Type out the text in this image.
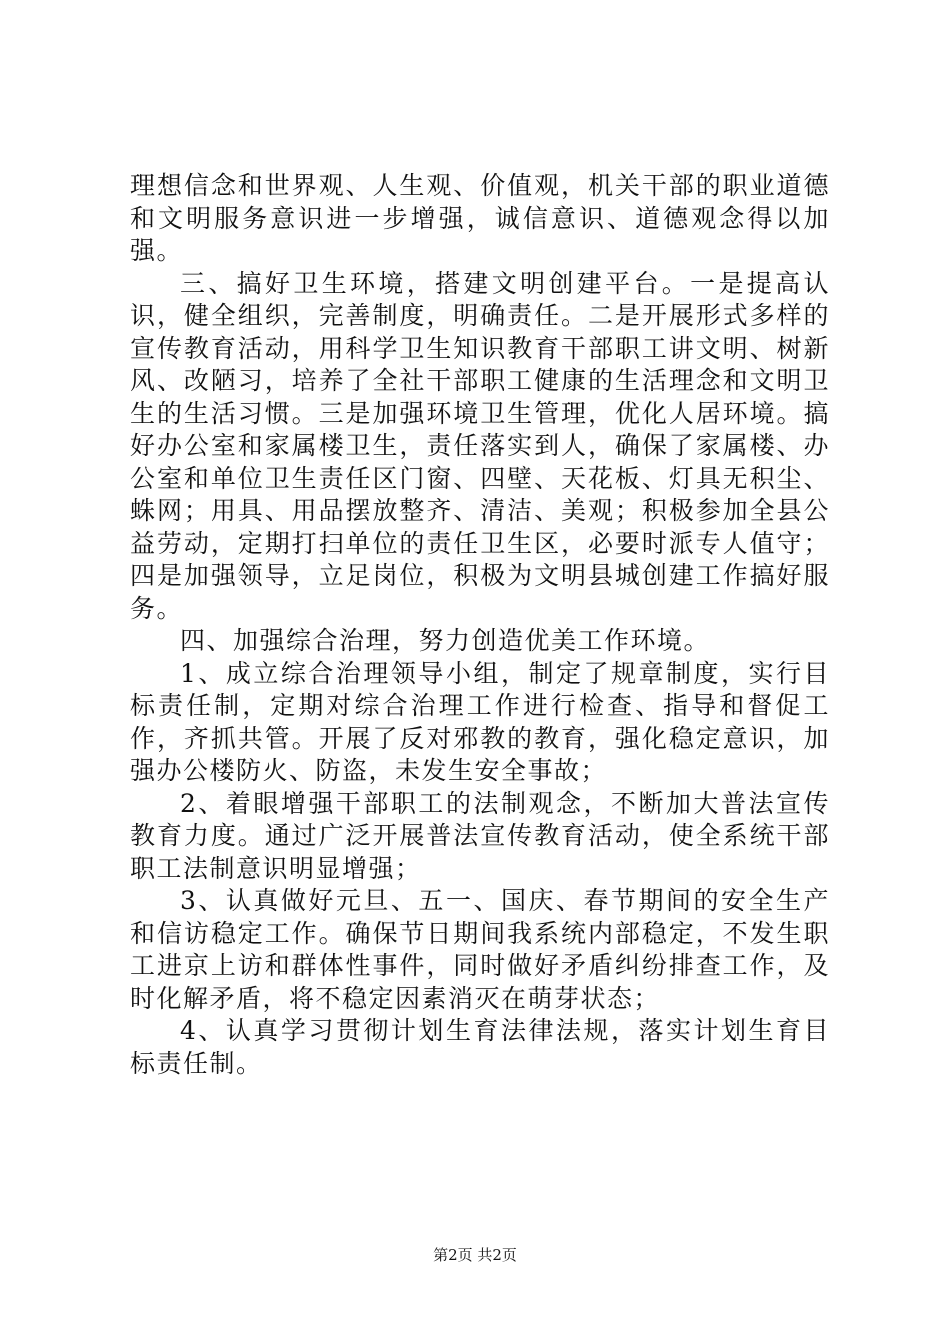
理想信念和世界观、人生观、价值观，机关干部的职业道德和文明服务意识进一步增强，诚信意识、道德观念得以加强。

三、搞好卫生环境，搭建文明创建平台。一是提高认识，健全组织，完善制度，明确责任。二是开展形式多样的宣传教育活动，用科学卫生知识教育干部职工讲文明、树新风、改陋习，培养了全社干部职工健康的生活理念和文明卫生的生活习惯。三是加强环境卫生管理，优化人居环境。搞好办公室和家属楼卫生，责任落实到人，确保了家属楼、办公室和单位卫生责任区门窗、四壁、天花板、灯具无积尘、蛛网；用具、用品摆放整齐、清洁、美观；积极参加全县公益劳动，定期打扫单位的责任卫生区，必要时派专人值守；四是加强领导，立足岗位，积极为文明县城创建工作搞好服务。

四、加强综合治理，努力创造优美工作环境。

1、成立综合治理领导小组，制定了规章制度，实行目标责任制，定期对综合治理工作进行检查、指导和督促工作，齐抓共管。开展了反对邪教的教育，强化稳定意识，加强办公楼防火、防盗，未发生安全事故；

2、着眼增强干部职工的法制观念，不断加大普法宣传教育力度。通过广泛开展普法宣传教育活动，使全系统干部职工法制意识明显增强；

3、认真做好元旦、五一、国庆、春节期间的安全生产和信访稳定工作。确保节日期间我系统内部稳定，不发生职工进京上访和群体性事件，同时做好矛盾纠纷排查工作，及时化解矛盾，将不稳定因素消灭在萌芽状态；

4、认真学习贯彻计划生育法律法规，落实计划生育目标责任制。

第2页 共2页
